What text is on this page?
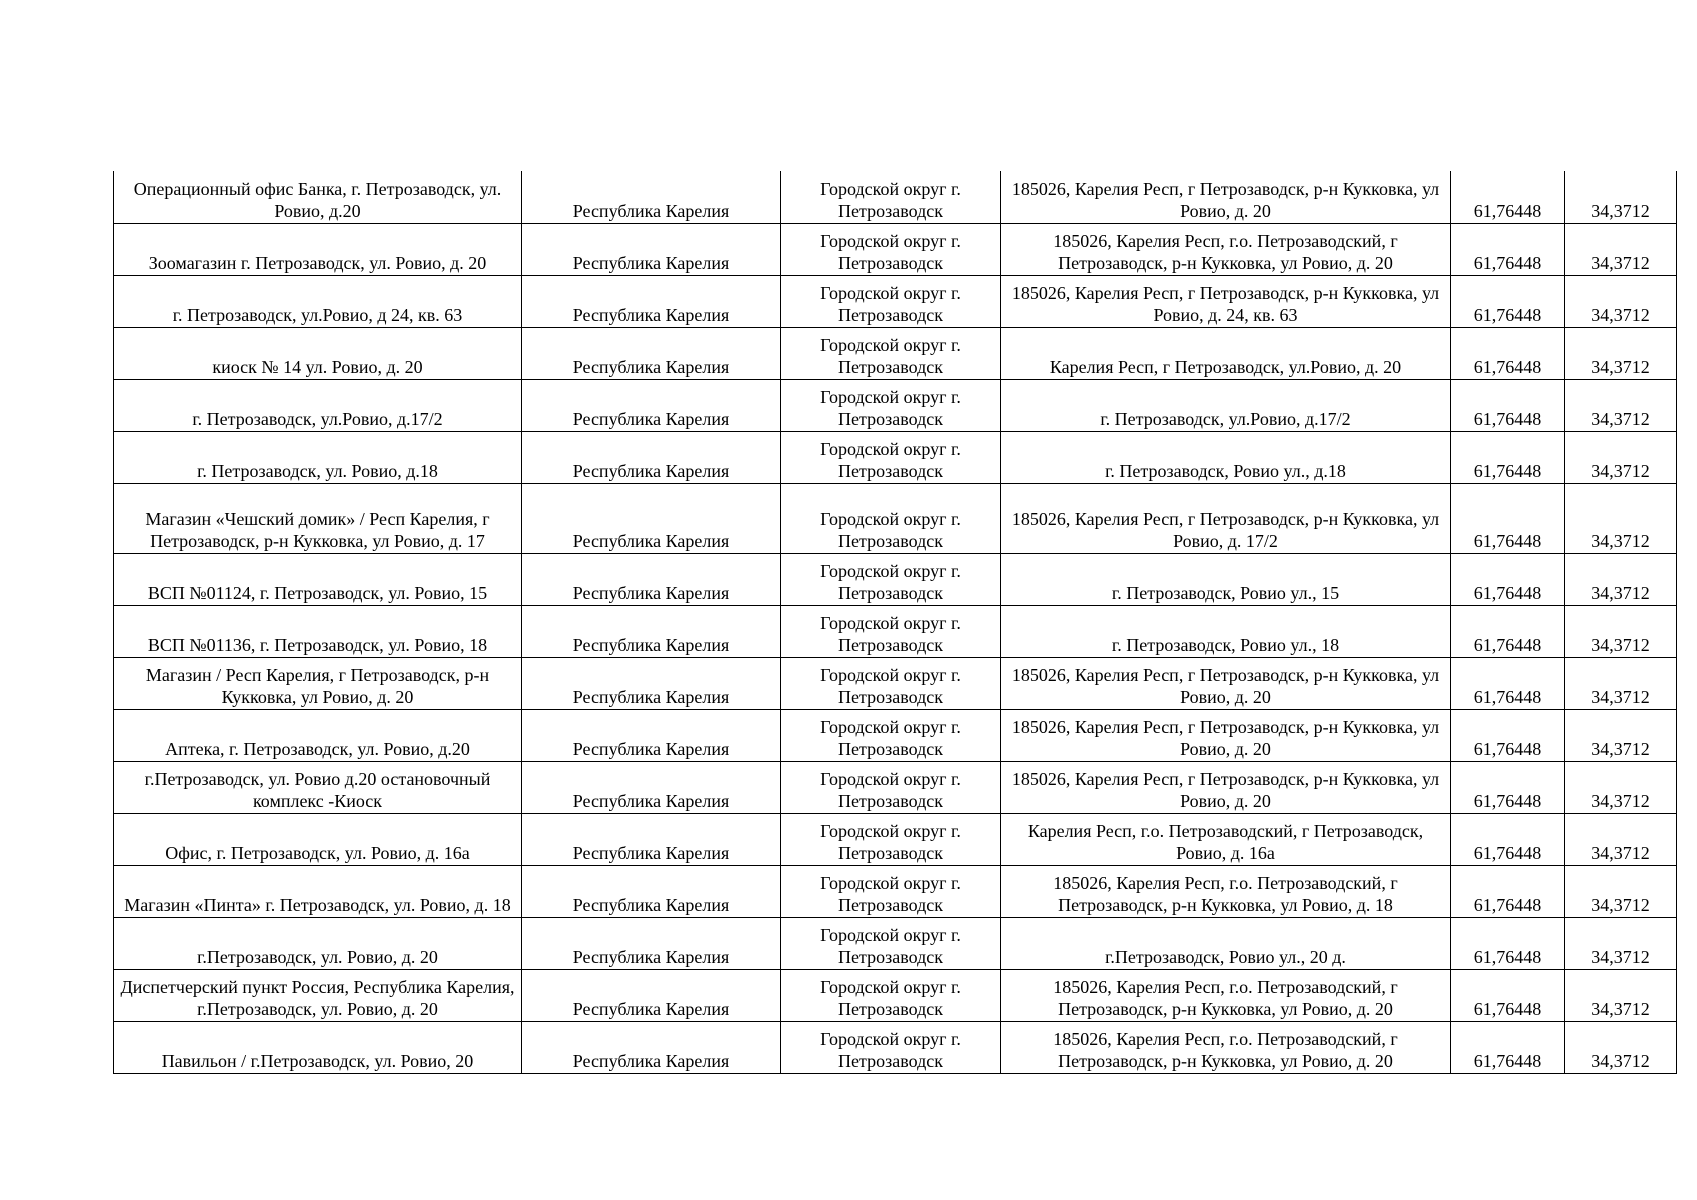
Операционный офис Банка, г. Петрозаводск, ул. Ровио, д.20	Республика Карелия	Городской округ г. Петрозаводск	185026, Карелия Респ, г Петрозаводск, р-н Кукковка, ул Ровио, д. 20	61,76448	34,3712
Зоомагазин г. Петрозаводск, ул. Ровио, д. 20	Республика Карелия	Городской округ г. Петрозаводск	185026, Карелия Респ, г.о. Петрозаводский, г Петрозаводск, р-н Кукковка, ул Ровио, д. 20	61,76448	34,3712
г. Петрозаводск, ул.Ровио, д 24, кв. 63	Республика Карелия	Городской округ г. Петрозаводск	185026, Карелия Респ, г Петрозаводск, р-н Кукковка, ул Ровио, д. 24, кв. 63	61,76448	34,3712
киоск № 14 ул. Ровио, д. 20	Республика Карелия	Городской округ г. Петрозаводск	Карелия Респ, г Петрозаводск, ул.Ровио, д. 20	61,76448	34,3712
г. Петрозаводск, ул.Ровио, д.17/2	Республика Карелия	Городской округ г. Петрозаводск	г. Петрозаводск, ул.Ровио, д.17/2	61,76448	34,3712
г. Петрозаводск, ул. Ровио, д.18	Республика Карелия	Городской округ г. Петрозаводск	г. Петрозаводск, Ровио ул., д.18	61,76448	34,3712
Магазин «Чешский домик» / Респ Карелия, г Петрозаводск, р-н Кукковка, ул Ровио, д. 17	Республика Карелия	Городской округ г. Петрозаводск	185026, Карелия Респ, г Петрозаводск, р-н Кукковка, ул Ровио, д. 17/2	61,76448	34,3712
ВСП №01124, г. Петрозаводск, ул. Ровио, 15	Республика Карелия	Городской округ г. Петрозаводск	г. Петрозаводск, Ровио ул., 15	61,76448	34,3712
ВСП №01136, г. Петрозаводск, ул. Ровио, 18	Республика Карелия	Городской округ г. Петрозаводск	г. Петрозаводск, Ровио ул., 18	61,76448	34,3712
Магазин / Респ Карелия, г Петрозаводск, р-н Кукковка, ул Ровио, д. 20	Республика Карелия	Городской округ г. Петрозаводск	185026, Карелия Респ, г Петрозаводск, р-н Кукковка, ул Ровио, д. 20	61,76448	34,3712
Аптека, г. Петрозаводск, ул. Ровио, д.20	Республика Карелия	Городской округ г. Петрозаводск	185026, Карелия Респ, г Петрозаводск, р-н Кукковка, ул Ровио, д. 20	61,76448	34,3712
г.Петрозаводск, ул. Ровио д.20 остановочный комплекс -Киоск	Республика Карелия	Городской округ г. Петрозаводск	185026, Карелия Респ, г Петрозаводск, р-н Кукковка, ул Ровио, д. 20	61,76448	34,3712
Офис, г. Петрозаводск, ул. Ровио, д. 16а	Республика Карелия	Городской округ г. Петрозаводск	Карелия Респ, г.о. Петрозаводский, г Петрозаводск, Ровио, д. 16а	61,76448	34,3712
Магазин «Пинта» г. Петрозаводск, ул. Ровио, д. 18	Республика Карелия	Городской округ г. Петрозаводск	185026, Карелия Респ, г.о. Петрозаводский, г Петрозаводск, р-н Кукковка, ул Ровио, д. 18	61,76448	34,3712
г.Петрозаводск, ул. Ровио, д. 20	Республика Карелия	Городской округ г. Петрозаводск	г.Петрозаводск, Ровио ул., 20 д.	61,76448	34,3712
Диспетчерский пункт Россия, Республика Карелия, г.Петрозаводск, ул. Ровио, д. 20	Республика Карелия	Городской округ г. Петрозаводск	185026, Карелия Респ, г.о. Петрозаводский, г Петрозаводск, р-н Кукковка, ул Ровио, д. 20	61,76448	34,3712
Павильон / г.Петрозаводск, ул. Ровио, 20	Республика Карелия	Городской округ г. Петрозаводск	185026, Карелия Респ, г.о. Петрозаводский, г Петрозаводск, р-н Кукковка, ул Ровио, д. 20	61,76448	34,3712
